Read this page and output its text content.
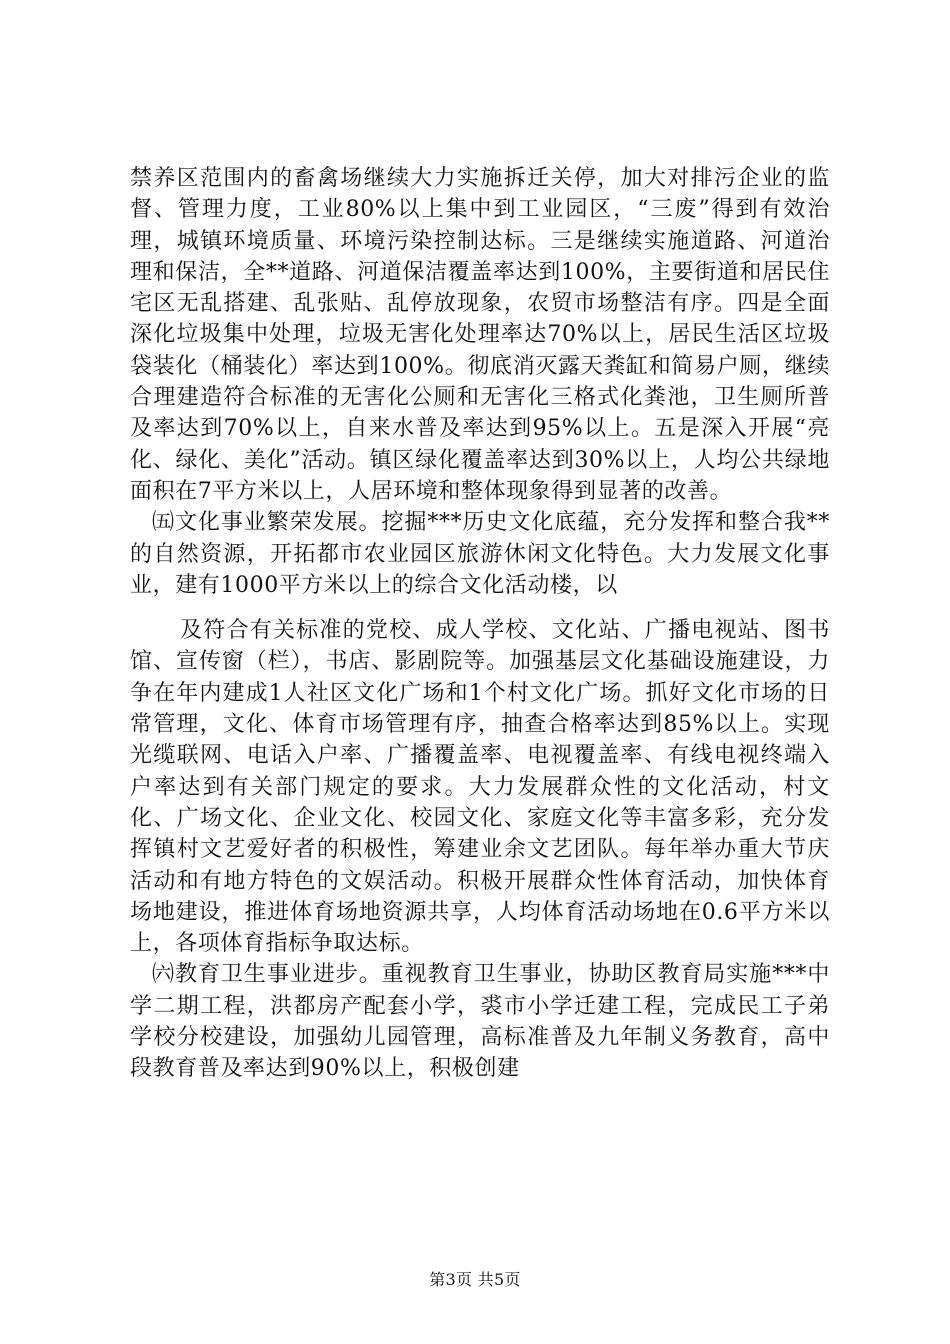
禁养区范围内的畜禽场继续大力实施拆迁关停，加大对排污企业的监督、管理力度，工业80%以上集中到工业园区，“三废”得到有效治理，城镇环境质量、环境污染控制达标。三是继续实施道路、河道治理和保洁，全**道路、河道保洁覆盖率达到100%，主要街道和居民住宅区无乱搭建、乱张贴、乱停放现象，农贸市场整洁有序。四是全面深化垃圾集中处理，垃圾无害化处理率达70%以上，居民生活区垃圾袋装化（桶装化）率达到100%。彻底消灭露天粪缸和简易户厕，继续合理建造符合标准的无害化公厕和无害化三格式化粪池，卫生厕所普及率达到70%以上，自来水普及率达到95%以上。五是深入开展“亮化、绿化、美化”活动。镇区绿化覆盖率达到30%以上，人均公共绿地面积在7平方米以上，人居环境和整体现象得到显著的改善。

㈤文化事业繁荣发展。挖掘***历史文化底蕴，充分发挥和整合我**的自然资源，开拓都市农业园区旅游休闲文化特色。大力发展文化事业，建有1000平方米以上的综合文化活动楼，以

及符合有关标准的党校、成人学校、文化站、广播电视站、图书馆、宣传窗（栏），书店、影剧院等。加强基层文化基础设施建设，力争在年内建成1人社区文化广场和1个村文化广场。抓好文化市场的日常管理，文化、体育市场管理有序，抽查合格率达到85%以上。实现光缆联网、电话入户率、广播覆盖率、电视覆盖率、有线电视终端入户率达到有关部门规定的要求。大力发展群众性的文化活动，村文化、广场文化、企业文化、校园文化、家庭文化等丰富多彩，充分发挥镇村文艺爱好者的积极性，筹建业余文艺团队。每年举办重大节庆活动和有地方特色的文娱活动。积极开展群众性体育活动，加快体育场地建设，推进体育场地资源共享，人均体育活动场地在0.6平方米以上，各项体育指标争取达标。

㈥教育卫生事业进步。重视教育卫生事业，协助区教育局实施***中学二期工程，洪都房产配套小学，裘市小学迁建工程，完成民工子弟学校分校建设，加强幼儿园管理，高标准普及九年制义务教育，高中段教育普及率达到90%以上，积极创建

第3页 共5页
